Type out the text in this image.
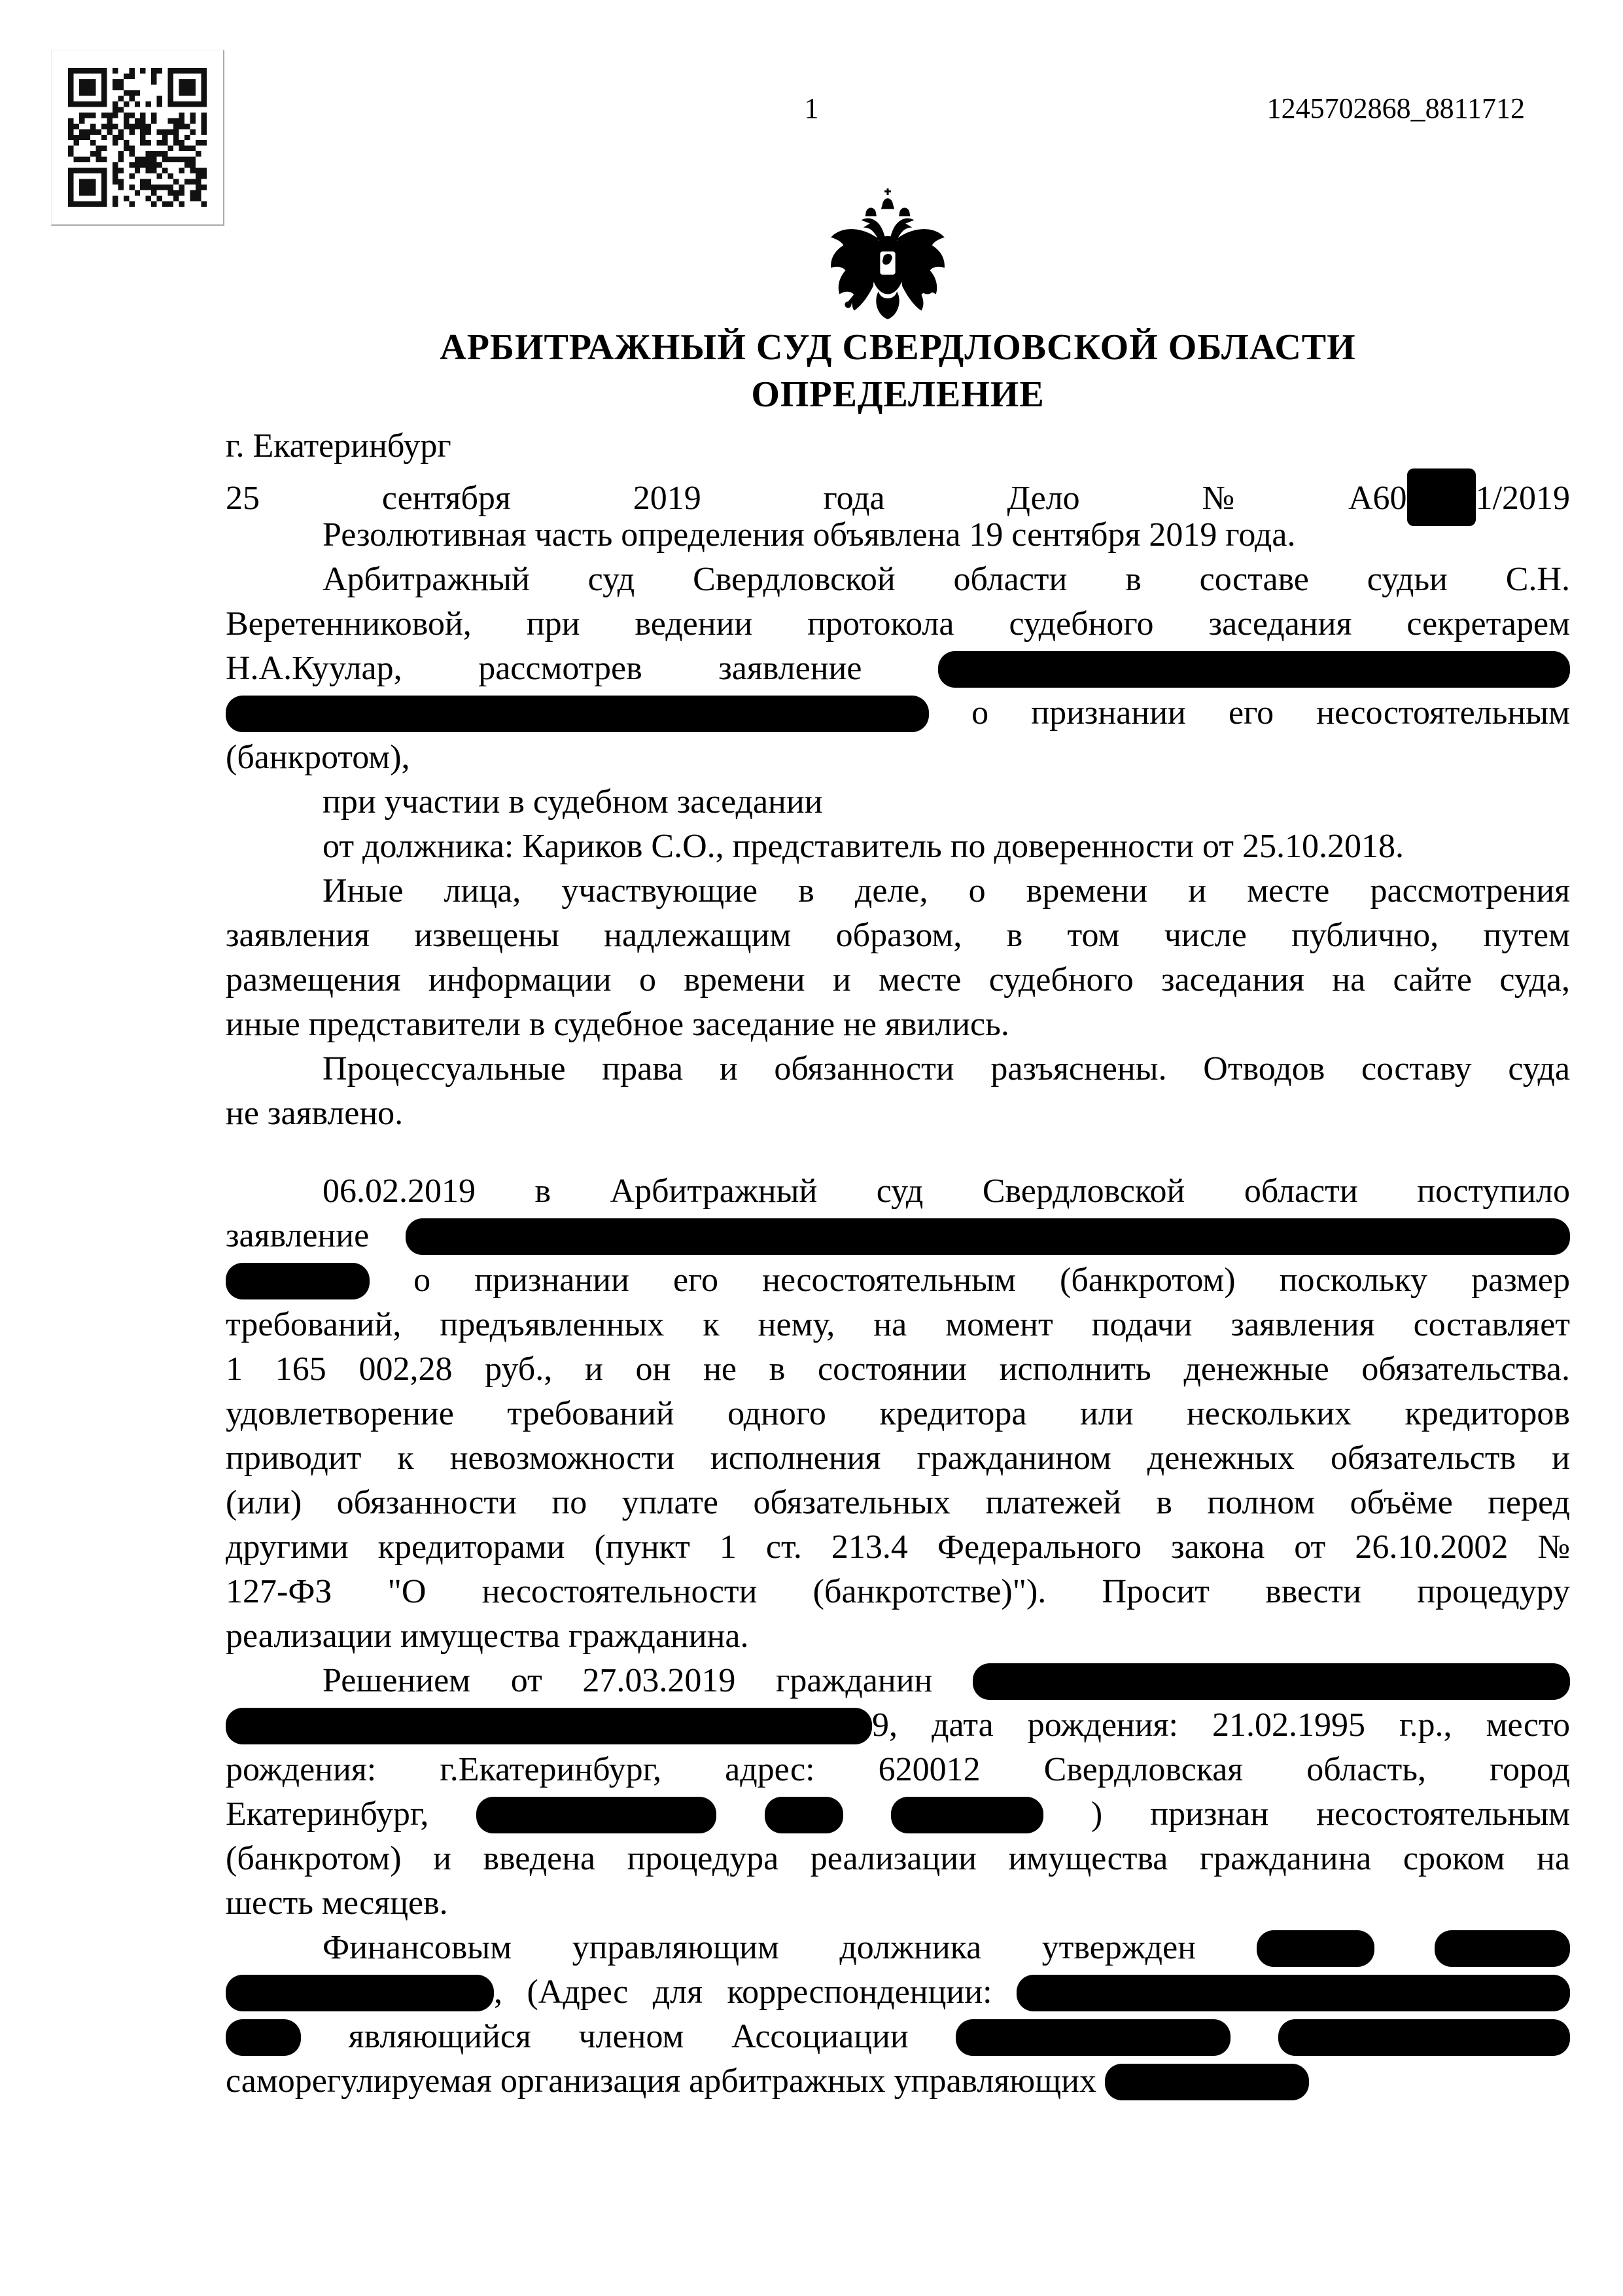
1	1245702868_8811712
АРБИТРАЖНЫЙ СУД СВЕРДЛОВСКОЙ ОБЛАСТИ
ОПРЕДЕЛЕНИЕ
г. Екатеринбург
25 сентября 2019 года	Дело №А60 1/2019
Резолютивная часть определения объявлена 19 сентября 2019 года.
Арбитражный суд Свердловской области в составе судьи С.Н.
Веретенниковой, при ведении протокола судебного заседания секретарем
Н.А.Куулар, рассмотрев заявление
о признании его несостоятельным
(банкротом),
при участии в судебном заседании
от должника: Кариков С.О., представитель по доверенности от 25.10.2018.
Иные лица, участвующие в деле, о времени и месте рассмотрения
заявления извещены надлежащим образом, в том числе публично, путем
размещения информации о времени и месте судебного заседания на сайте суда,
иные представители в судебное заседание не явились.
Процессуальные права и обязанности разъяснены. Отводов составу суда
не заявлено.
06.02.2019 в Арбитражный суд Свердловской области поступило
заявление
о признании его несостоятельным (банкротом) поскольку размер
требований, предъявленных к нему, на момент подачи заявления составляет
1 165 002,28 руб., и он не в состоянии исполнить денежные обязательства.
удовлетворение требований одного кредитора или нескольких кредиторов
приводит к невозможности исполнения гражданином денежных обязательств и
(или) обязанности по уплате обязательных платежей в полном объёме перед
другими кредиторами (пункт 1 ст. 213.4 Федерального закона от 26.10.2002 №
127-ФЗ "О несостоятельности (банкротстве)"). Просит ввести процедуру
реализации имущества гражданина.
Решением от 27.03.2019 гражданин
9, дата рождения: 21.02.1995 г.р., место
рождения: г.Екатеринбург, адрес: 620012 Свердловская область, город
Екатеринбург,	) признан несостоятельным
(банкротом) и введена процедура реализации имущества гражданина сроком на
шесть месяцев.
Финансовым управляющим должника утвержден
, (Адрес для корреспонденции:
являющийся членом Ассоциации
саморегулируемая организация арбитражных управляющих
